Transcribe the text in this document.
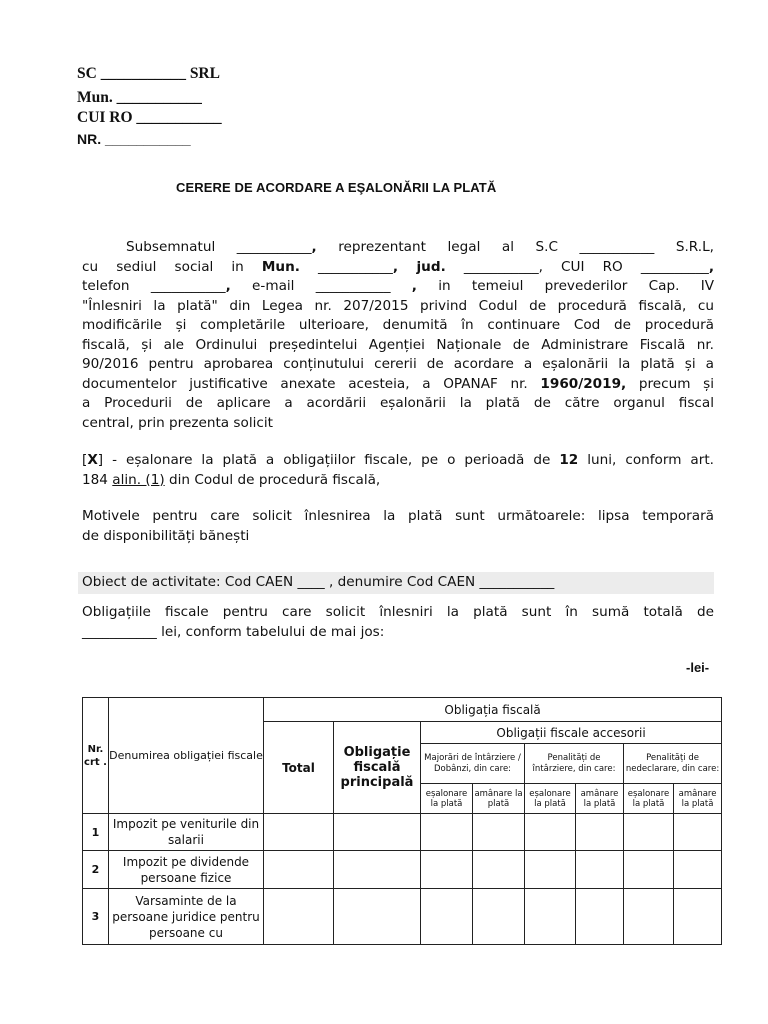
SC ___________ SRL
Mun. ___________
CUI RO ___________
NR. ___________
CERERE DE ACORDARE A EŞALONĂRII LA PLATĂ
Subsemnatul ___________, reprezentant legal al S.C ___________ S.R.L,
cu sediul social in Mun. ___________, jud. ___________, CUI RO __________,
telefon ___________, e-mail ___________ , in temeiul prevederilor Cap. IV
"Înlesniri la plată" din Legea nr. 207/2015 privind Codul de procedură fiscală, cu
modificările și completările ulterioare, denumită în continuare Cod de procedură
fiscală, și ale Ordinului președintelui Agenției Naționale de Administrare Fiscală nr.
90/2016 pentru aprobarea conținutului cererii de acordare a eșalonării la plată și a
documentelor justificative anexate acesteia, a OPANAF nr. 1960/2019, precum și
a Procedurii de aplicare a acordării eșalonării la plată de către organul fiscal
central, prin prezenta solicit
[X] - eșalonare la plată a obligațiilor fiscale, pe o perioadă de 12 luni, conform art.
184 alin. (1) din Codul de procedură fiscală,
Motivele pentru care solicit înlesnirea la plată sunt următoarele: lipsa temporară
de disponibilități bănești
Obiect de activitate: Cod CAEN ____ , denumire Cod CAEN ___________
Obligațiile fiscale pentru care solicit înlesniri la plată sunt în sumă totală de
___________ lei, conform tabelului de mai jos:
-lei-
Nr. crt .	Denumirea obligației fiscale	Obligația fiscală							
		Total	Obligație fiscală principală	Obligații fiscale accesorii					
				Majorări de întârziere / Dobânzi, din care:		Penalități de întârziere, din care:		Penalități de nedeclarare, din care:	
				eșalonare la plată	amânare la plată	eșalonare la plată	amânare la plată	eșalonare la plată	amânare la plată
1	Impozit pe veniturile din salarii								
2	Impozit pe dividende persoane fizice								
3	Varsaminte de la persoane juridice pentru persoane cu								
